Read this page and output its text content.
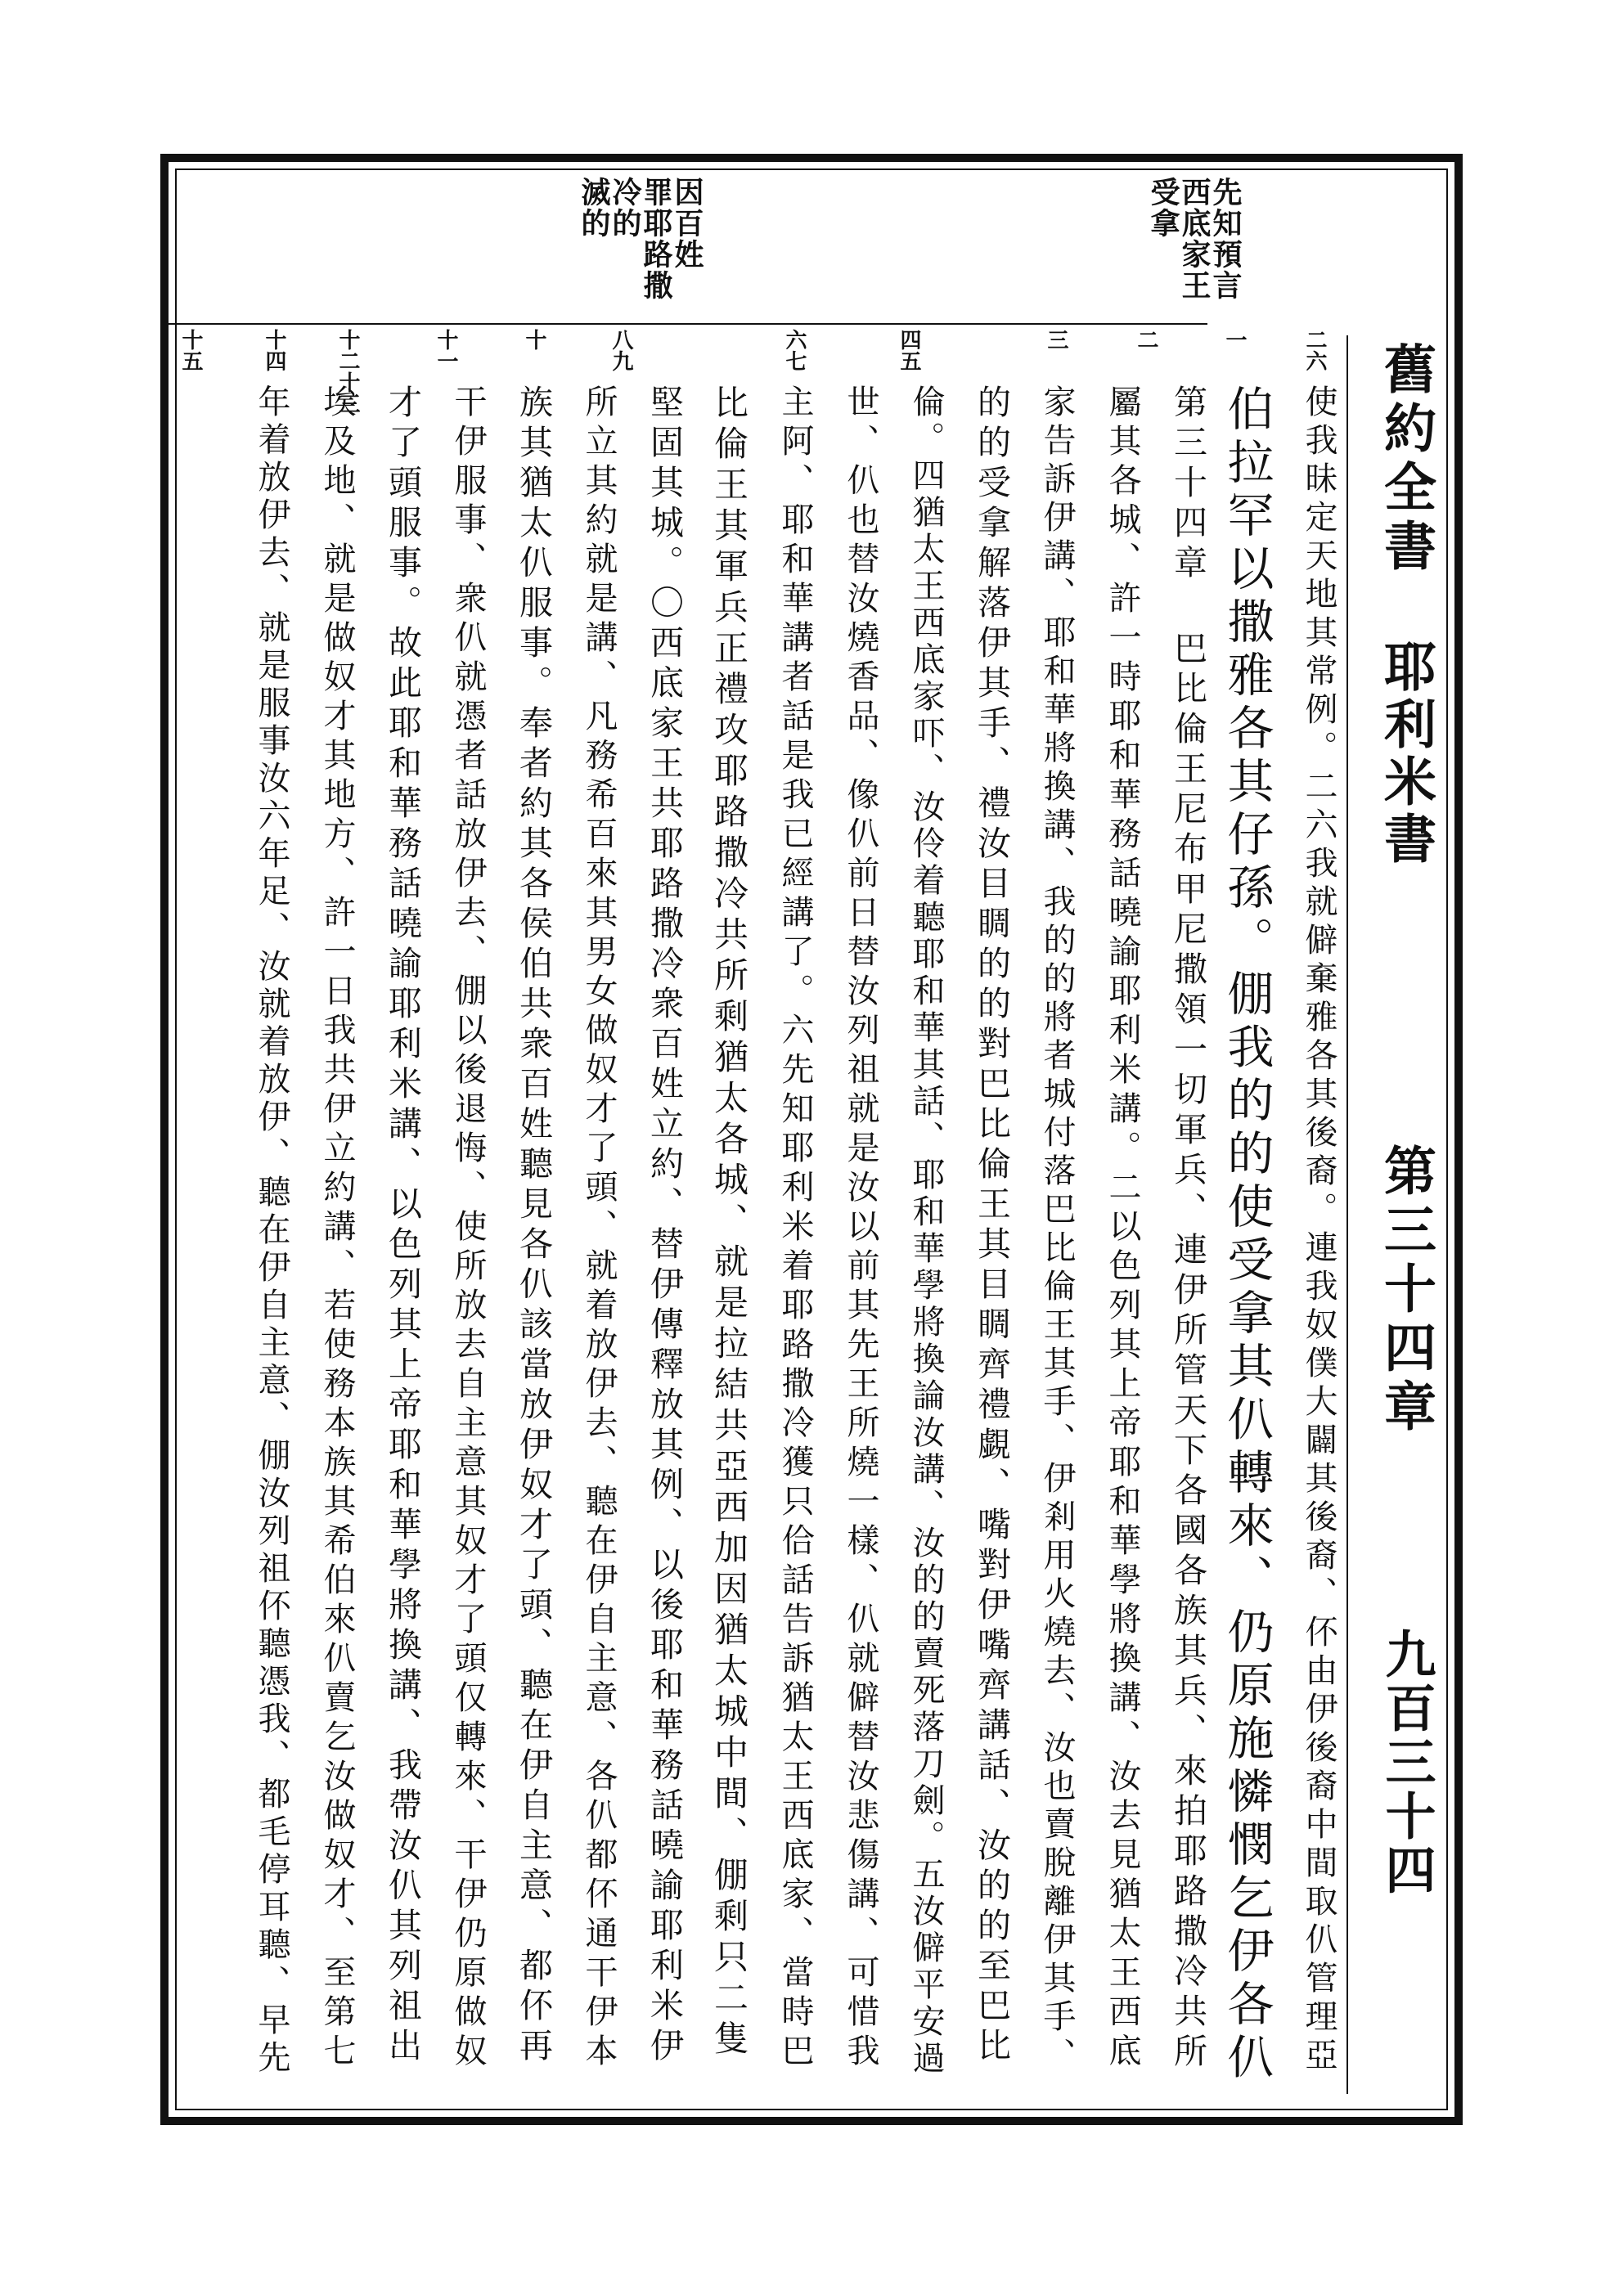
舊約全書
耶利米書
第三十四章
九百三十四
先知預言
西底家王
受拿
因百姓
罪耶路撒
冷的
滅的
二六
一
二
三
四五
六七
八九
十
十一
十二十三
十四
十五
使我昧定天地其常例。二六我就僻棄雅各其後裔。連我奴僕大闢其後裔、伓由伊後裔中間取仈管理亞
伯拉罕以撒雅各其仔孫。倗我的的使受拿其仈轉來、仍原施憐憫乞伊各仈
第三十四章 巴比倫王尼布甲尼撒領一切軍兵、連伊所管天下各國各族其兵、來拍耶路撒冷共所
屬其各城、許一時耶和華務話曉諭耶利米講。二以色列其上帝耶和華學將換講、汝去見猶太王西底
家告訴伊講、耶和華將換講、我的的將者城付落巴比倫王其手、伊剎用火燒去、汝也賣脫離伊其手、
的的受拿解落伊其手、禮汝目睭的的對巴比倫王其目睭齊禮覷、嘴對伊嘴齊講話、汝的的至巴比
倫。四猶太王西底家吓、汝伶着聽耶和華其話、耶和華學將換論汝講、汝的的賣死落刀劍。五汝僻平安過
世、仈也替汝燒香品、像仈前日替汝列祖就是汝以前其先王所燒一樣、仈就僻替汝悲傷講、可惜我
主阿、耶和華講者話是我已經講了。六先知耶利米着耶路撒冷獲只佮話告訴猶太王西底家、當時巴
比倫王其軍兵正禮攻耶路撒冷共所剩猶太各城、就是拉結共亞西加因猶太城中間、倗剩只二隻
堅固其城。〇西底家王共耶路撒冷衆百姓立約、替伊傳釋放其例、以後耶和華務話曉諭耶利米伊
所立其約就是講、凡務希百來其男女做奴才了頭、就着放伊去、聽在伊自主意、各仈都伓通干伊本
族其猶太仈服事。奉者約其各侯伯共衆百姓聽見各仈該當放伊奴才了頭、聽在伊自主意、都伓再
干伊服事、衆仈就憑者話放伊去、倗以後退悔、使所放去自主意其奴才了頭仅轉來、干伊仍原做奴
才了頭服事。故此耶和華務話曉諭耶利米講、以色列其上帝耶和華學將換講、我帶汝仈其列祖出
埃及地、就是做奴才其地方、許一日我共伊立約講、若使務本族其希伯來仈賣乞汝做奴才、至第七
年着放伊去、就是服事汝六年足、汝就着放伊、聽在伊自主意、倗汝列祖伓聽憑我、都毛停耳聽、早先
